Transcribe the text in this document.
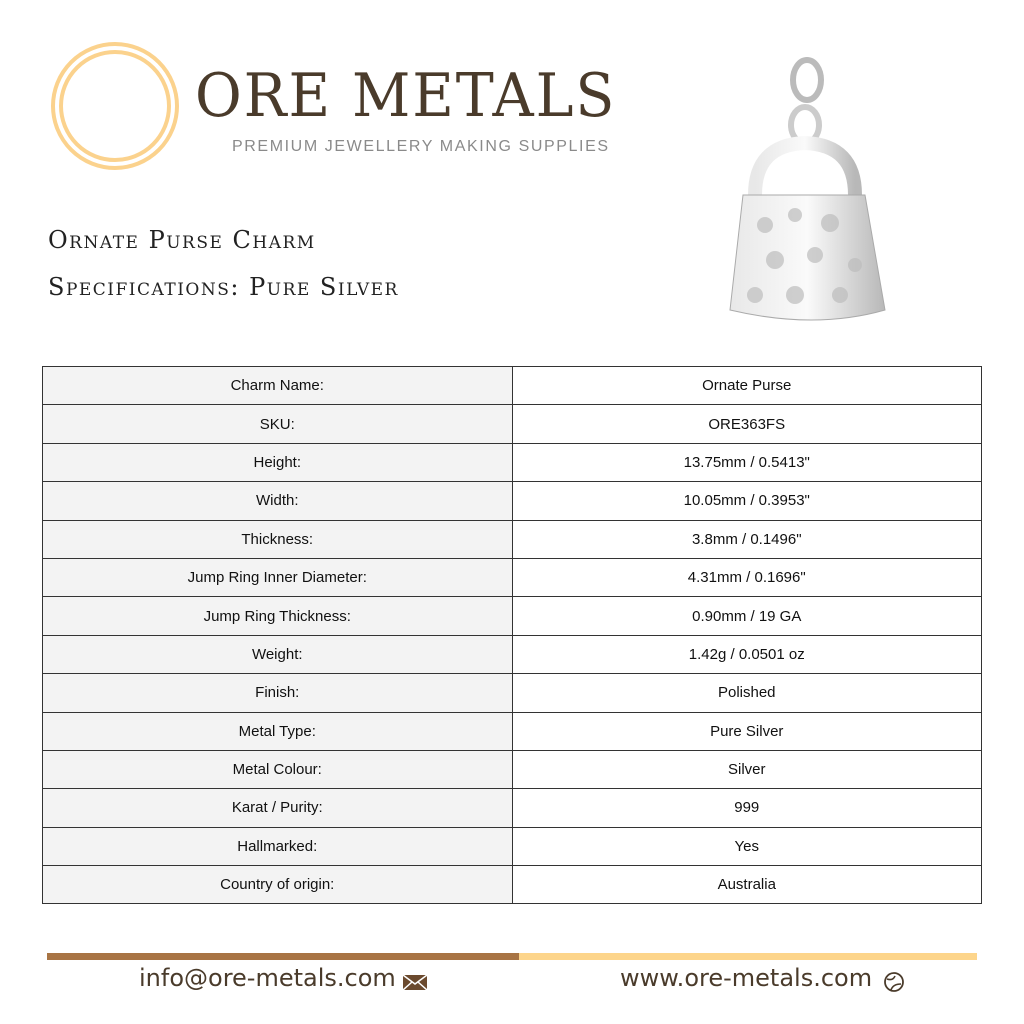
ORE METALS
PREMIUM JEWELLERY MAKING SUPPLIES
Ornate Purse Charm
Specifications: Pure Silver
Charm Name:	Ornate Purse
SKU:	ORE363FS
Height:	13.75mm / 0.5413"
Width:	10.05mm / 0.3953"
Thickness:	3.8mm / 0.1496"
Jump Ring Inner Diameter:	4.31mm / 0.1696"
Jump Ring Thickness:	0.90mm / 19 GA
Weight:	1.42g / 0.0501 oz
Finish:	Polished
Metal Type:	Pure Silver
Metal Colour:	Silver
Karat / Purity:	999
Hallmarked:	Yes
Country of origin:	Australia
info@ore-metals.com	www.ore-metals.com
